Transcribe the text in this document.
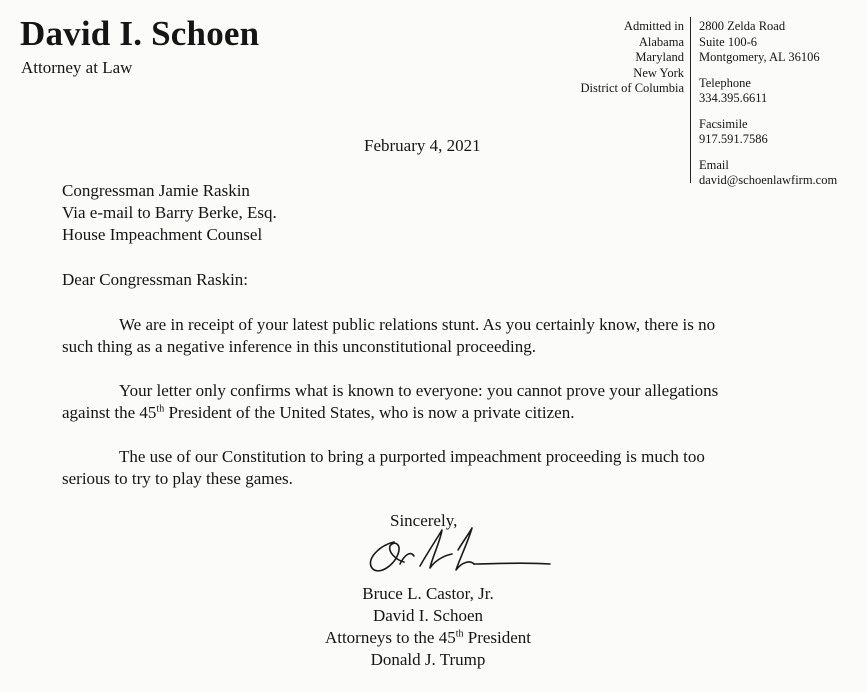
David I. Schoen
Attorney at Law
Admitted in
Alabama
Maryland
New York
District of Columbia
2800 Zelda Road
Suite 100-6
Montgomery, AL 36106
Telephone
334.395.6611
Facsimile
917.591.7586
Email
david@schoenlawfirm.com
February 4, 2021
Congressman Jamie Raskin
Via e-mail to Barry Berke, Esq.
House Impeachment Counsel
Dear Congressman Raskin:
We are in receipt of your latest public relations stunt. As you certainly know, there is no
such thing as a negative inference in this unconstitutional proceeding.
Your letter only confirms what is known to everyone: you cannot prove your allegations
against the 45th President of the United States, who is now a private citizen.
The use of our Constitution to bring a purported impeachment proceeding is much too
serious to try to play these games.
Sincerely,
Bruce L. Castor, Jr.
David I. Schoen
Attorneys to the 45th President
Donald J. Trump
